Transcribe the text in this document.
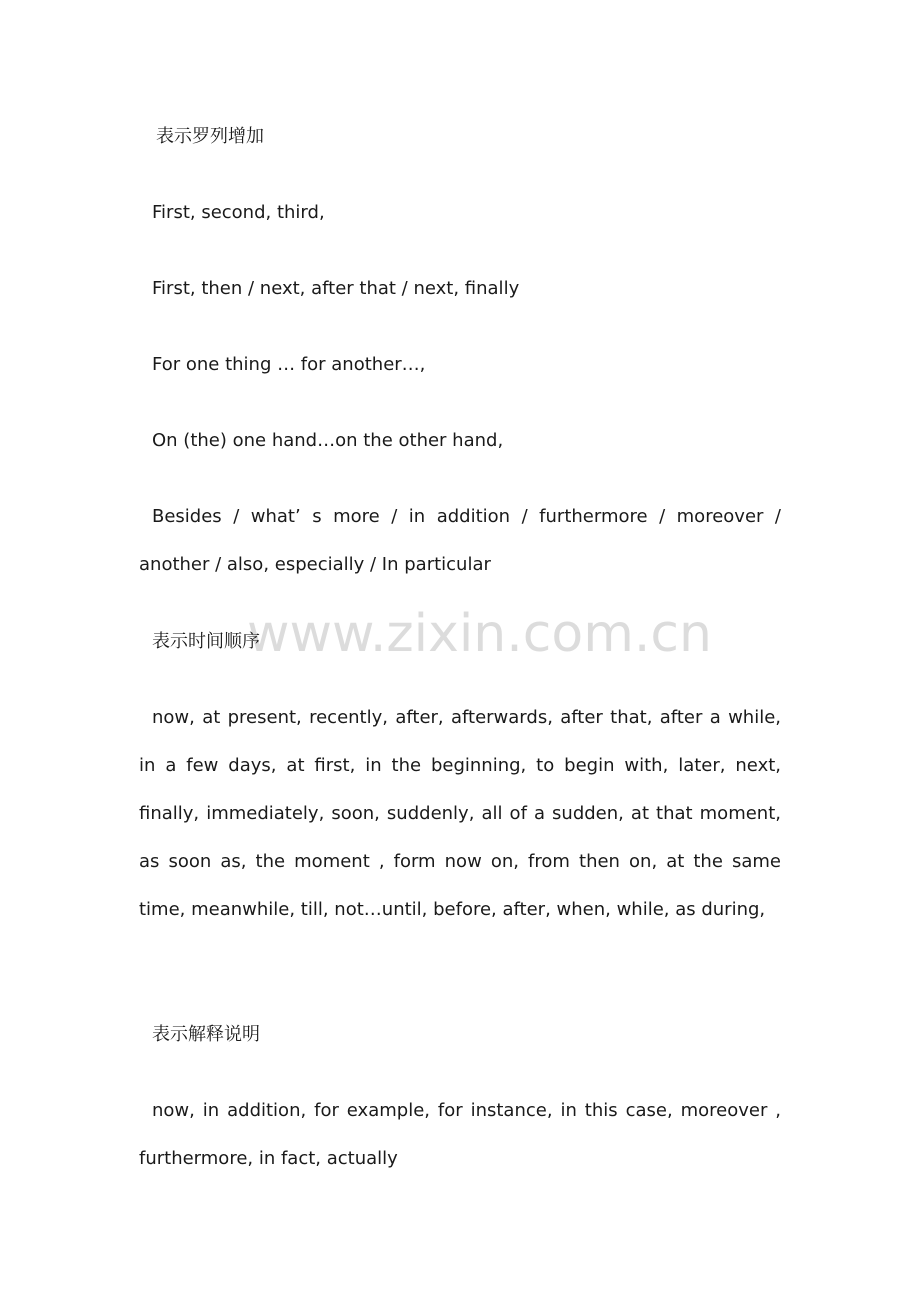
www.zixin.com.cn
表示罗列增加
First, second, third,
First, then / next, after that / next, finally
For one thing … for another…,
On (the) one hand…on the other hand,
Besides / what’ s more / in addition / furthermore / moreover / another / also, especially / In particular
表示时间顺序
now, at present, recently, after, afterwards, after that, after a while, in a few days, at first, in the beginning, to begin with, later, next, finally, immediately, soon, suddenly, all of a sudden, at that moment, as soon as, the moment , form now on, from then on, at the same time, meanwhile, till, not…until, before, after, when, while, as during,
表示解释说明
now, in addition, for example, for instance, in this case, moreover , furthermore, in fact, actually
